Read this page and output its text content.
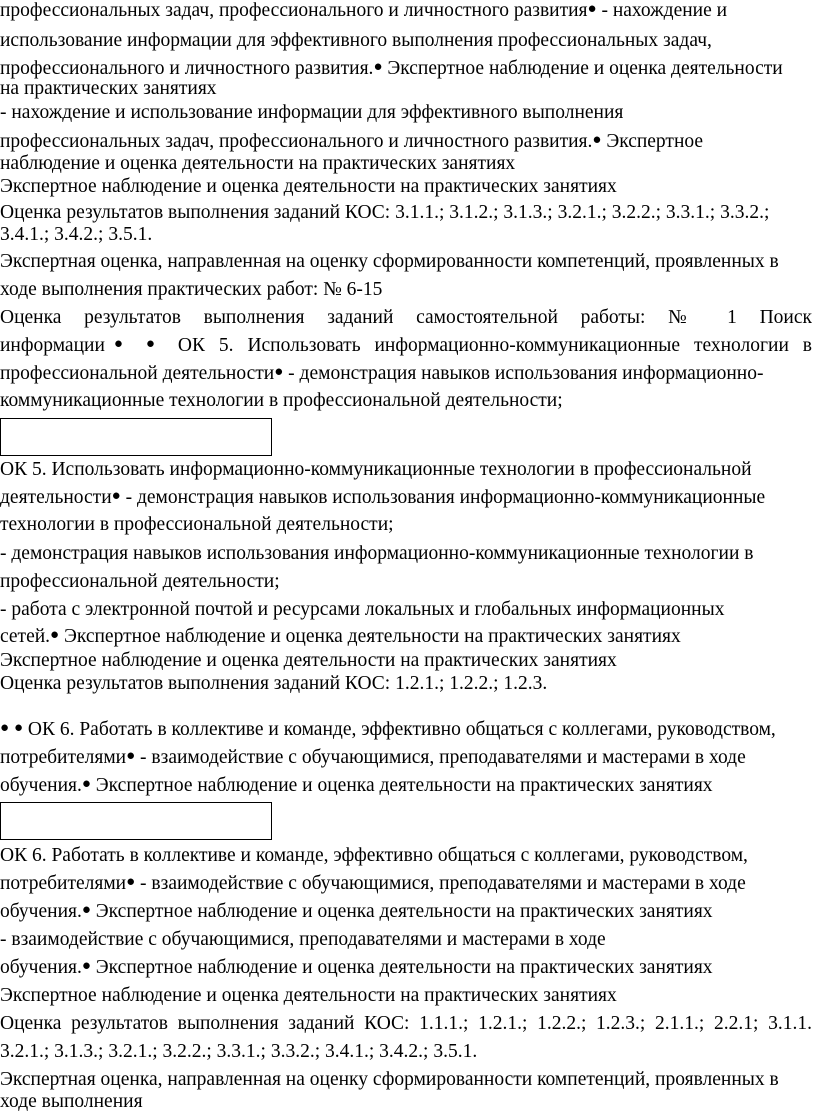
профессиональных задач, профессионального и личностного развития● - нахождение и
использование информации для эффективного выполнения профессиональных задач,
профессионального и личностного развития.● Экспертное наблюдение и оценка деятельности
на практических занятиях
- нахождение и использование информации для эффективного выполнения
профессиональных задач, профессионального и личностного развития.● Экспертное
наблюдение и оценка деятельности на практических занятиях
Экспертное наблюдение и оценка деятельности на практических занятиях
Оценка результатов выполнения заданий КОС: 3.1.1.; 3.1.2.; 3.1.3.; 3.2.1.; 3.2.2.; 3.3.1.; 3.3.2.;
3.4.1.; 3.4.2.; 3.5.1.
Экспертная оценка, направленная на оценку сформированности компетенций, проявленных в
ходе выполнения практических работ: № 6-15
Оценка результатов выполнения заданий самостоятельной работы: № 1 Поиск
информации● ● ОК 5. Использовать информационно-коммуникационные технологии в
профессиональной деятельности● - демонстрация навыков использования информационно-
коммуникационные технологии в профессиональной деятельности;
ОК 5. Использовать информационно-коммуникационные технологии в профессиональной
деятельности● - демонстрация навыков использования информационно-коммуникационные
технологии в профессиональной деятельности;
- демонстрация навыков использования информационно-коммуникационные технологии в
профессиональной деятельности;
- работа с электронной почтой и ресурсами локальных и глобальных информационных
сетей.● Экспертное наблюдение и оценка деятельности на практических занятиях
Экспертное наблюдение и оценка деятельности на практических занятиях
Оценка результатов выполнения заданий КОС: 1.2.1.; 1.2.2.; 1.2.3.
● ● ОК 6. Работать в коллективе и команде, эффективно общаться с коллегами, руководством,
потребителями● - взаимодействие с обучающимися, преподавателями и мастерами в ходе
обучения.● Экспертное наблюдение и оценка деятельности на практических занятиях
ОК 6. Работать в коллективе и команде, эффективно общаться с коллегами, руководством,
потребителями● - взаимодействие с обучающимися, преподавателями и мастерами в ходе
обучения.● Экспертное наблюдение и оценка деятельности на практических занятиях
- взаимодействие с обучающимися, преподавателями и мастерами в ходе
обучения.● Экспертное наблюдение и оценка деятельности на практических занятиях
Экспертное наблюдение и оценка деятельности на практических занятиях
Оценка результатов выполнения заданий КОС: 1.1.1.; 1.2.1.; 1.2.2.; 1.2.3.; 2.1.1.; 2.2.1; 3.1.1.
3.2.1.; 3.1.3.; 3.2.1.; 3.2.2.; 3.3.1.; 3.3.2.; 3.4.1.; 3.4.2.; 3.5.1.
Экспертная оценка, направленная на оценку сформированности компетенций, проявленных в
ходе выполнения
